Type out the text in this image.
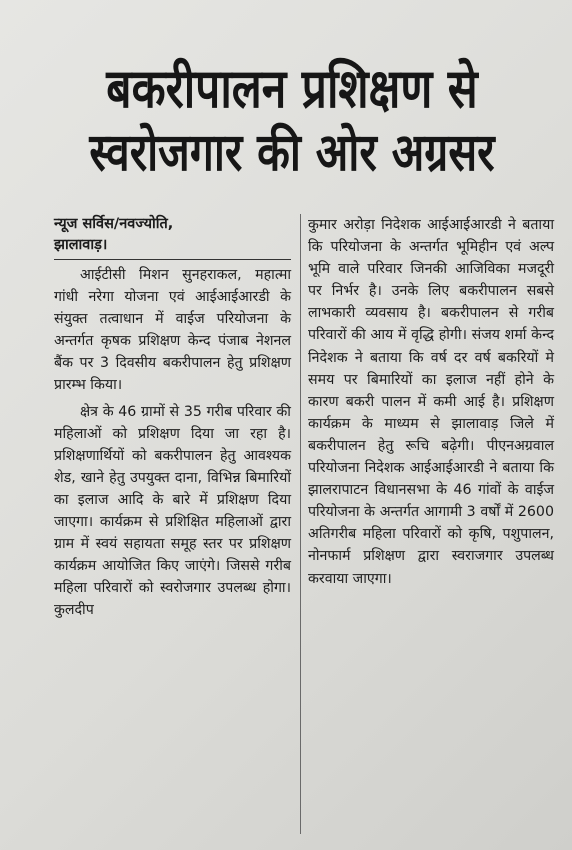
बकरीपालन प्रशिक्षण से
स्वरोजगार की ओर अग्रसर
न्यूज सर्विस/नवज्योति,
झालावाड़।

आईटीसी मिशन सुनहराकल, महात्मा गांधी नरेगा योजना एवं आईआईआरडी के संयुक्त तत्वाधान में वाईज परियोजना के अन्तर्गत कृषक प्रशिक्षण केन्द पंजाब नेशनल बैंक पर 3 दिवसीय बकरीपालन हेतु प्रशिक्षण प्रारम्भ किया।

क्षेत्र के 46 ग्रामों से 35 गरीब परिवार की महिलाओं को प्रशिक्षण दिया जा रहा है। प्रशिक्षणार्थियों को बकरीपालन हेतु आवश्यक शेड, खाने हेतु उपयुक्त दाना, विभिन्न बिमारियों का इलाज आदि के बारे में प्रशिक्षण दिया जाएगा। कार्यक्रम से प्रशिक्षित महिलाओं द्वारा ग्राम में स्वयं सहायता समूह स्तर पर प्रशिक्षण कार्यक्रम आयोजित किए जाएंगे। जिससे गरीब महिला परिवारों को स्वरोजगार उपलब्ध होगा। कुलदीप

कुमार अरोड़ा निदेशक आईआईआरडी ने बताया कि परियोजना के अन्तर्गत भूमिहीन एवं अल्प भूमि वाले परिवार जिनकी आजिविका मजदूरी पर निर्भर है। उनके लिए बकरीपालन सबसे लाभकारी व्यवसाय है। बकरीपालन से गरीब परिवारों की आय में वृद्धि होगी। संजय शर्मा केन्द निदेशक ने बताया कि वर्ष दर वर्ष बकरियों मे समय पर बिमारियों का इलाज नहीं होने के कारण बकरी पालन में कमी आई है। प्रशिक्षण कार्यक्रम के माध्यम से झालावाड़ जिले में बकरीपालन हेतु रूचि बढ़ेगी। पीएनअग्रवाल परियोजना निदेशक आईआईआरडी ने बताया कि झालरापाटन विधानसभा के 46 गांवों के वाईज परियोजना के अन्तर्गत आगामी 3 वर्षों में 2600 अतिगरीब महिला परिवारों को कृषि, पशुपालन, नोनफार्म प्रशिक्षण द्वारा स्वराजगार उपलब्ध करवाया जाएगा।
